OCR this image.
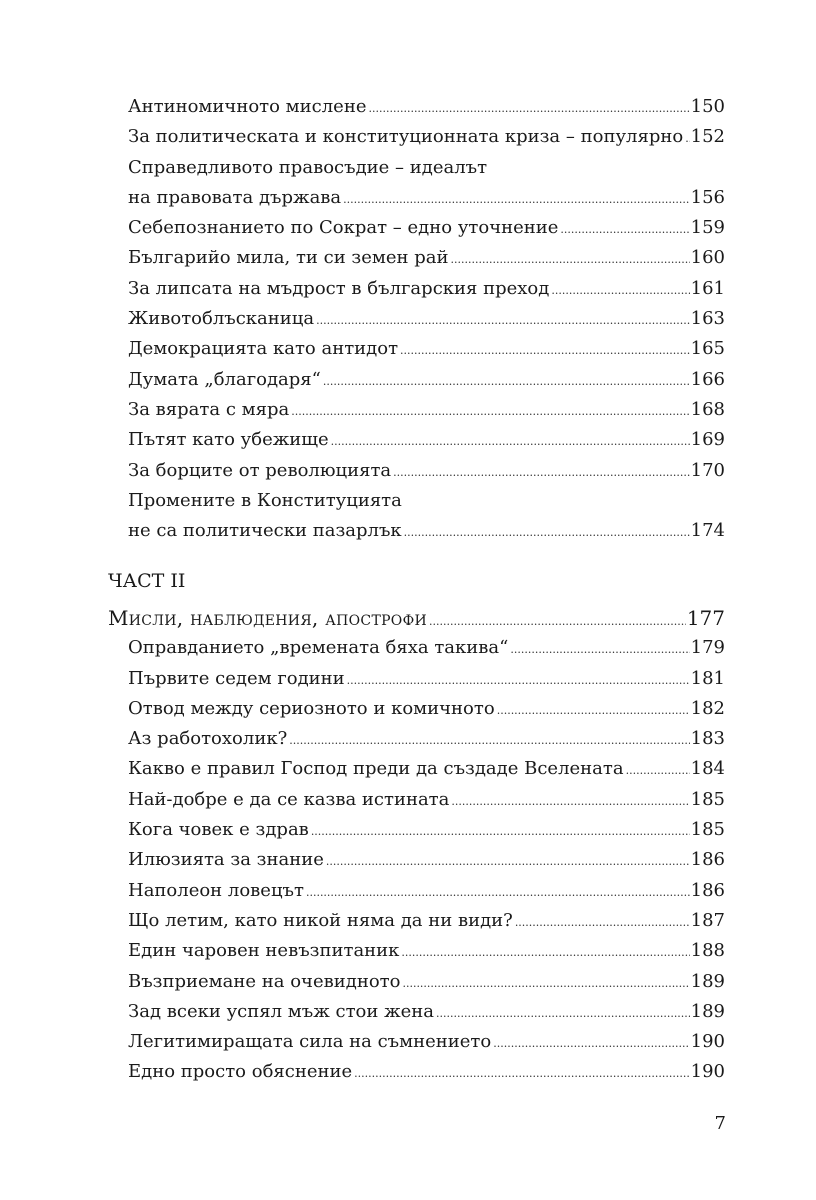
Антиномичното мислене .....	150
За политическата и конституционната криза – популярно ..... 152
Справедливото правосъдие – идеалът
на правовата държава .....	156
Себепознанието по Сократ – едно уточнение .....	159
Българийо мила, ти си земен рай .....	160
За липсата на мъдрост в българския преход .....	161
Животоблъсканица .....	163
Демокрацията като антидот .....	165
Думата „благодаря“ .....	166
За вярата с мяра .....	168
Пътят като убежище .....	169
За борците от революцията .....	170
Промените в Конституцията
не са политически пазарлък .....	174
ЧАСТ II
Мисли, наблюдения, апострофи .....	177
Оправданието „времената бяха такива“ .....	179
Първите седем години .....	181
Отвод между сериозното и комичното .....	182
Аз работохолик? .....	183
Какво е правил Господ преди да създаде Вселената .....	184
Най-добре е да се казва истината .....	185
Кога човек е здрав .....	185
Илюзията за знание .....	186
Наполеон ловецът .....	186
Що летим, като никой няма да ни види? .....	187
Един чаровен невъзпитаник .....	188
Възприемане на очевидното .....	189
Зад всеки успял мъж стои жена .....	189
Легитимиращата сила на съмнението .....	190
Едно просто обяснение .....	190
7
